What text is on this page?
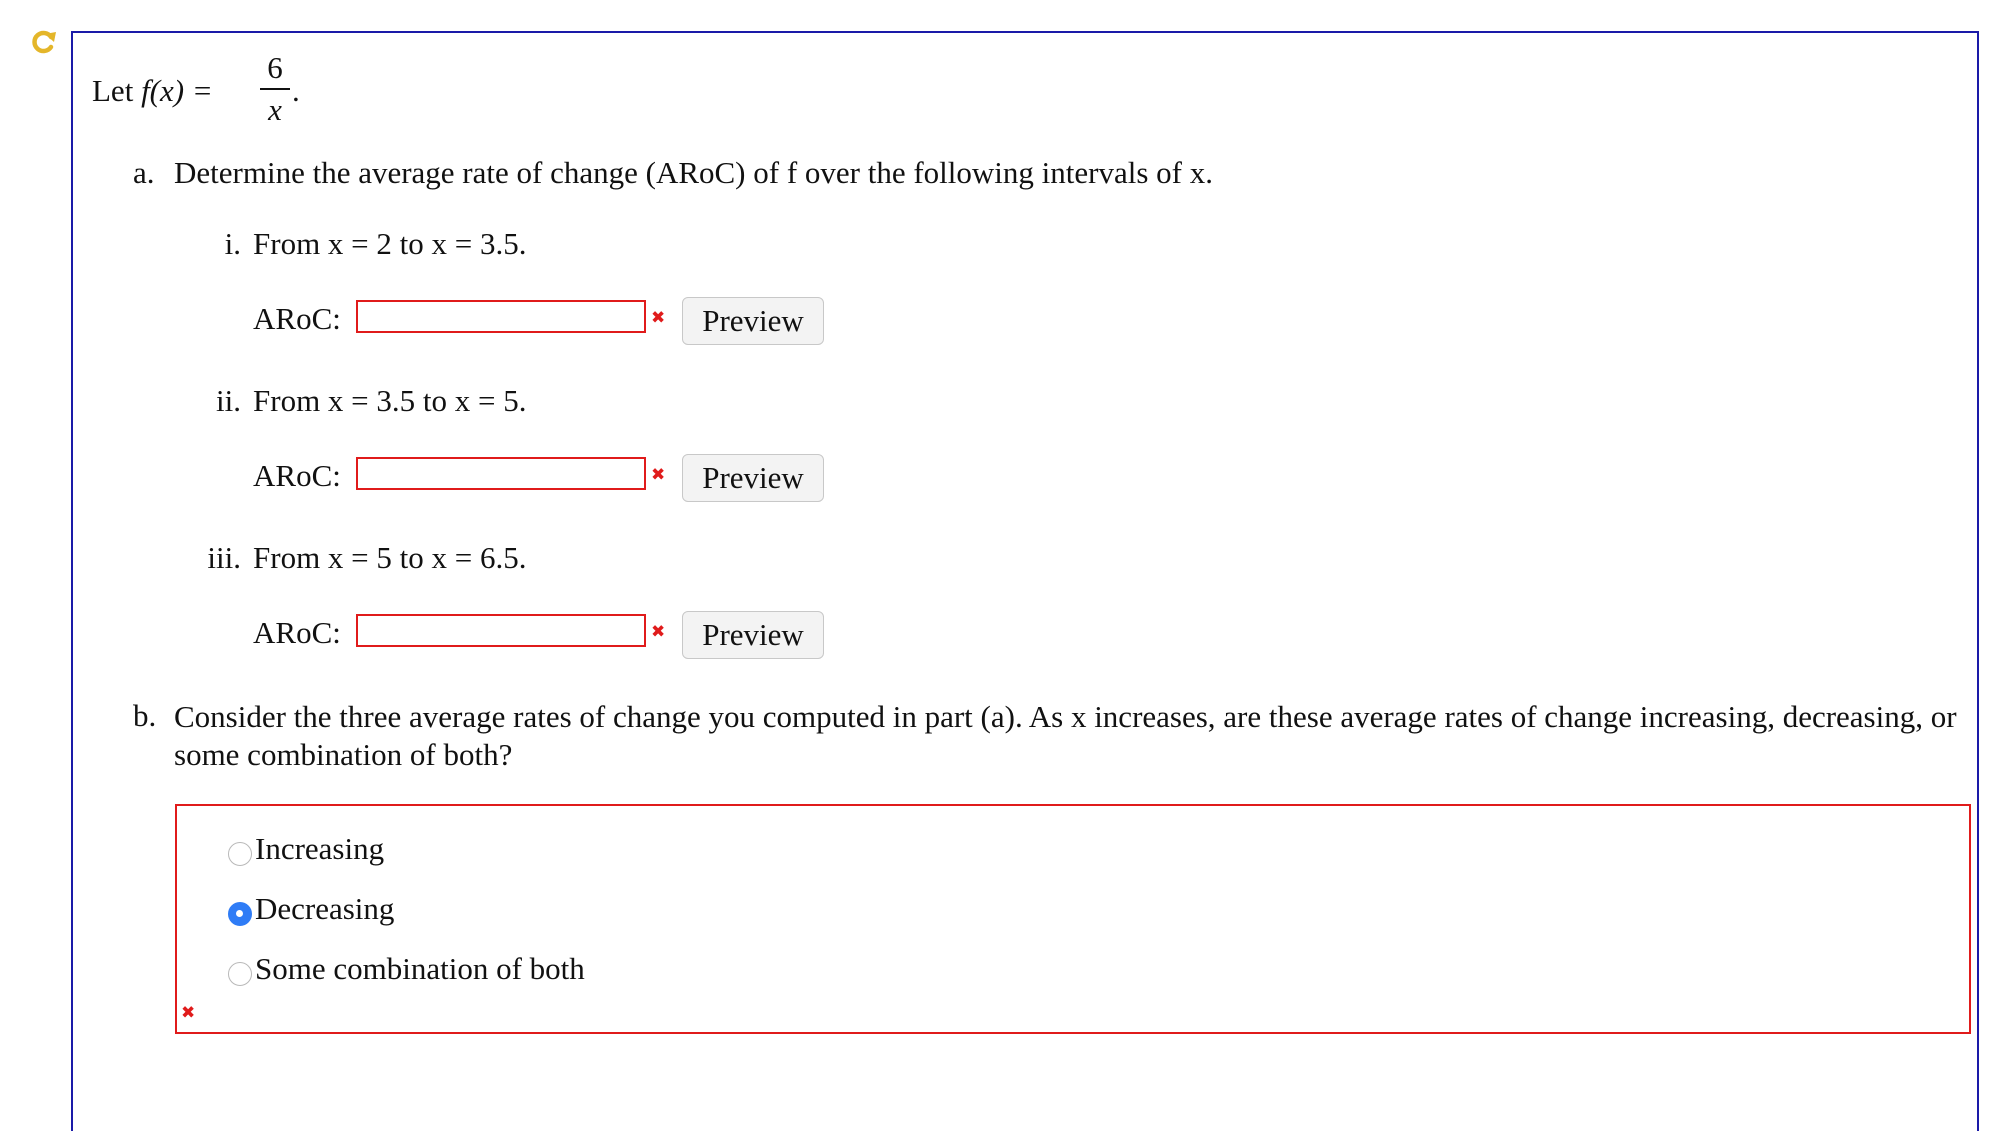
Let f(x) =
6
x
.
a. Determine the average rate of change (ARoC) of f over the following intervals of x.
i. From x = 2 to x = 3.5.
ARoC:	✖	Preview
ii. From x = 3.5 to x = 5.
ARoC:	✖	Preview
iii. From x = 5 to x = 6.5.
ARoC:	✖	Preview
b. Consider the three average rates of change you computed in part (a). As x increases, are these average rates of change increasing, decreasing, or some combination of both?
Increasing
Decreasing
Some combination of both
✖
